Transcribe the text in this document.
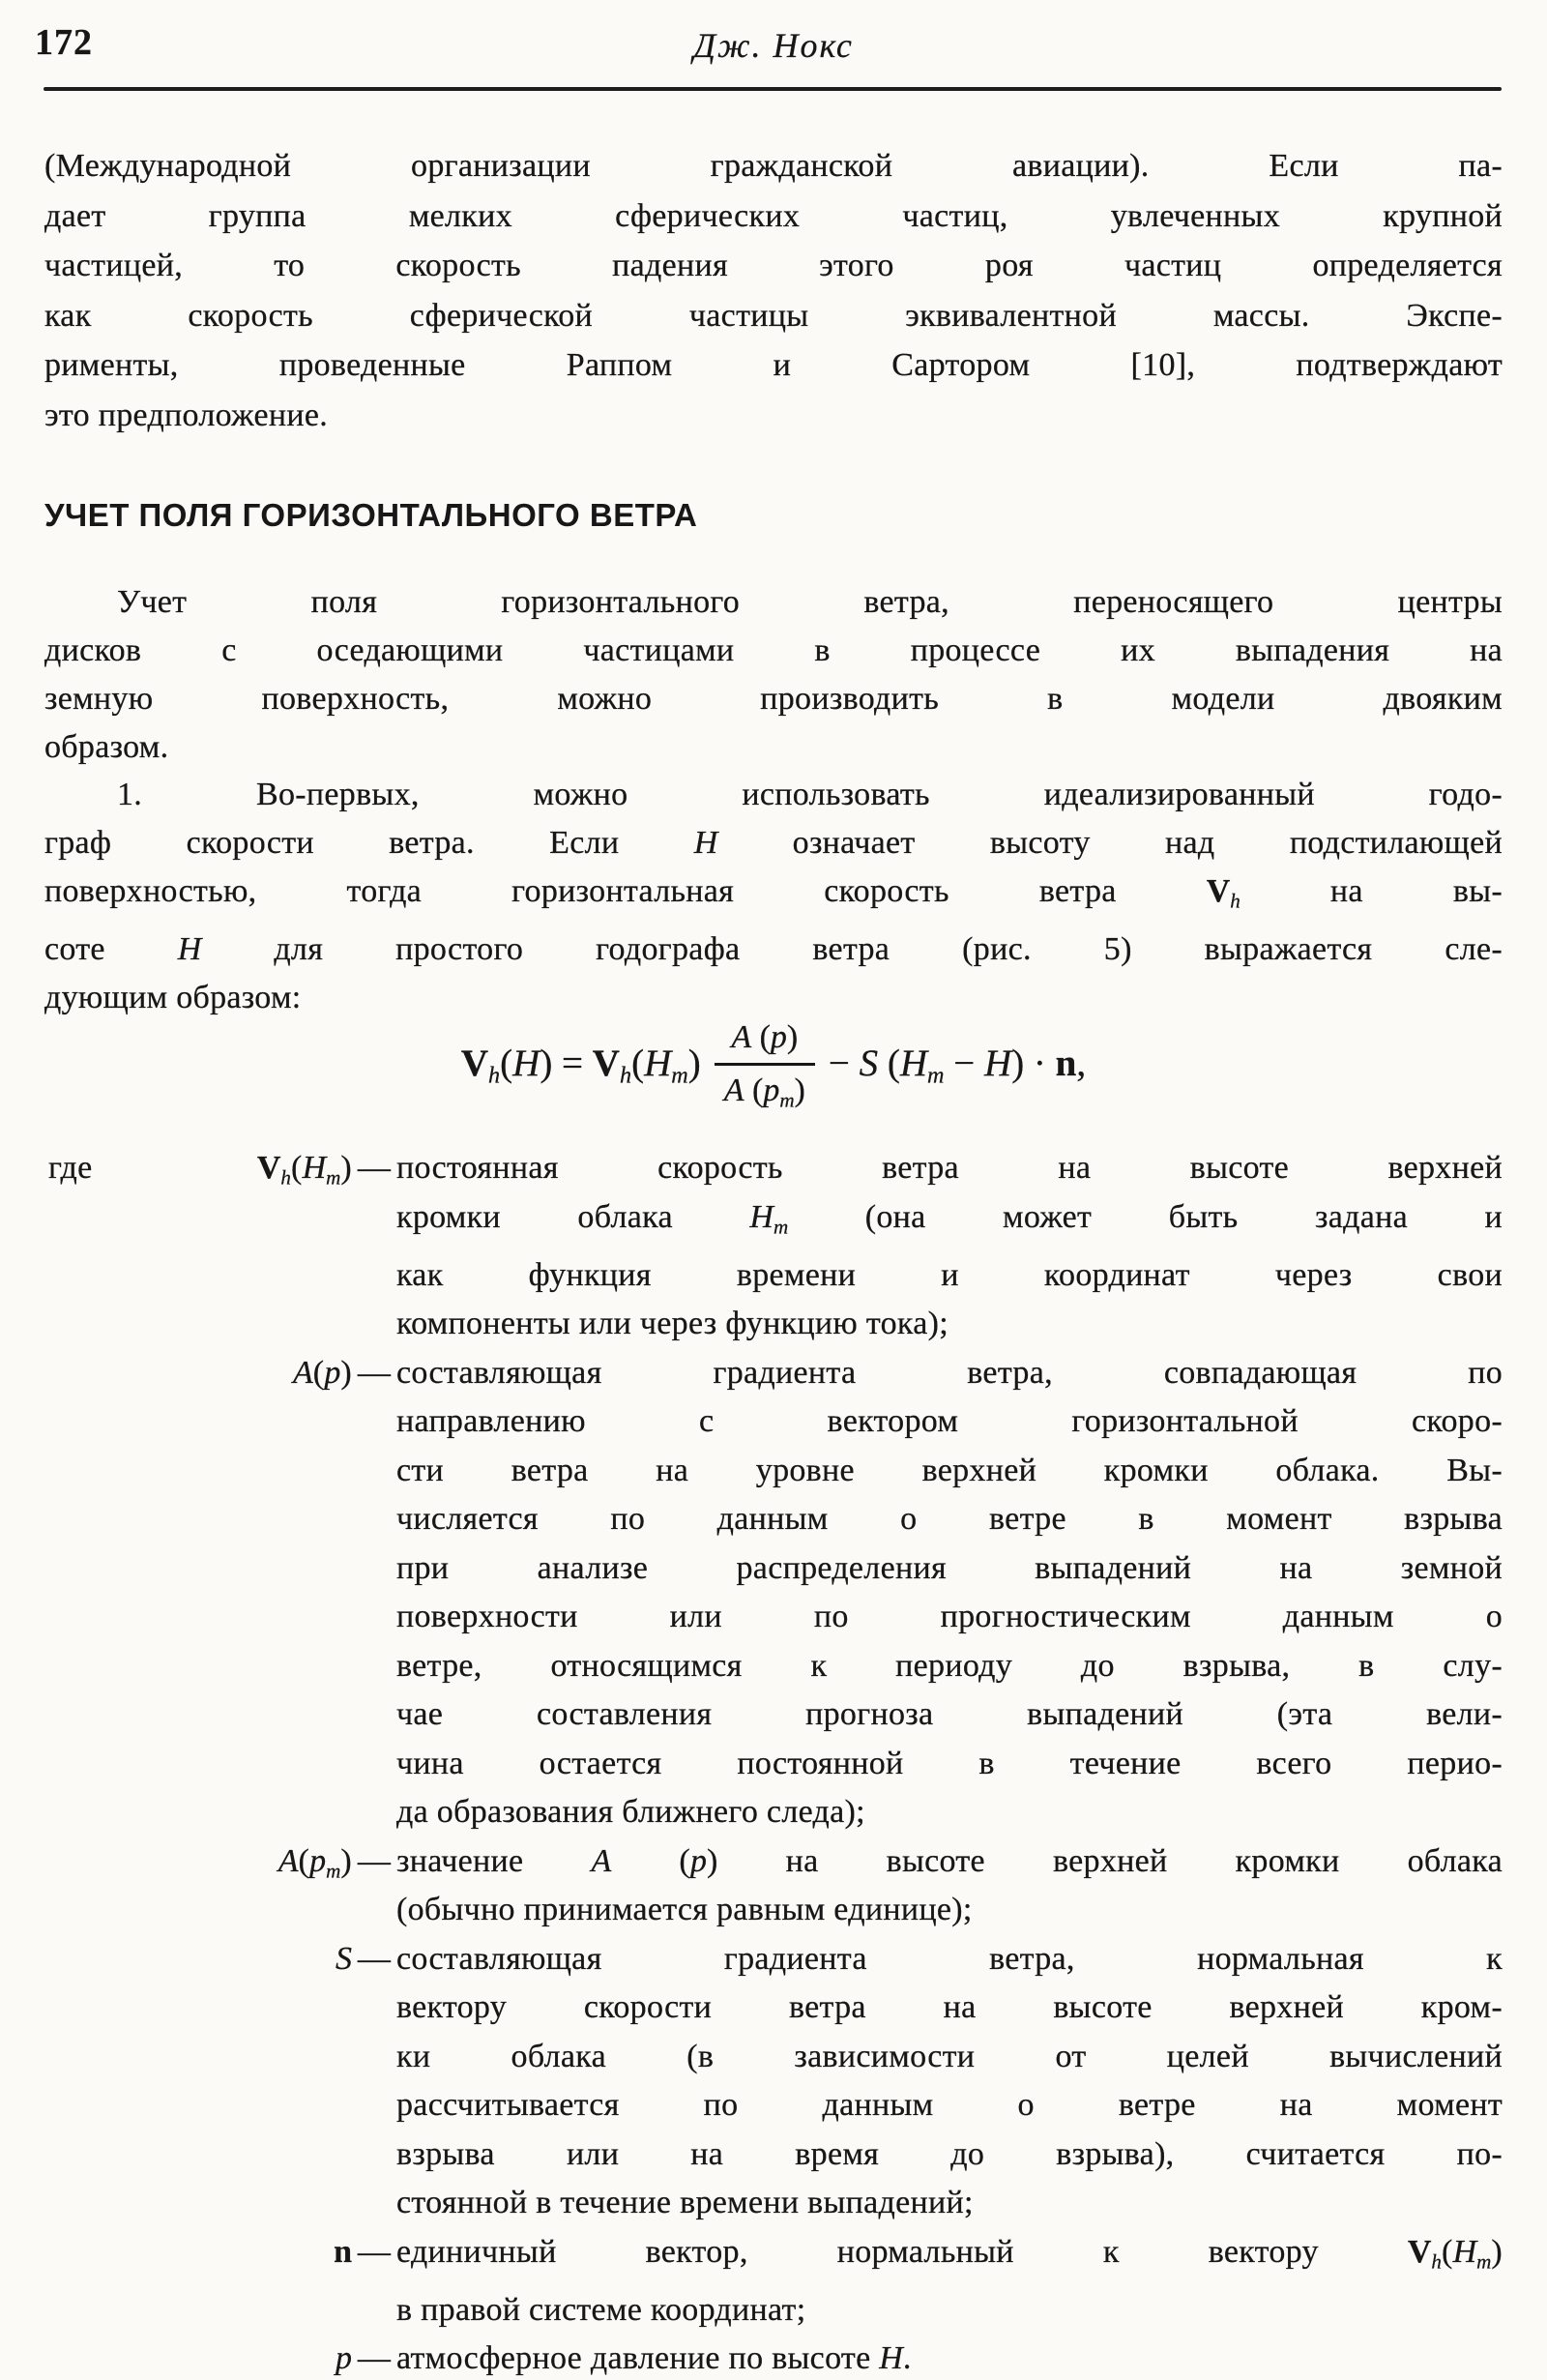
172	Дж. Нокс
(Международной организации гражданской авиации). Если па-
дает группа мелких сферических частиц, увлеченных крупной
частицей, то скорость падения этого роя частиц определяется
как скорость сферической частицы эквивалентной массы. Экспе-
рименты, проведенные Раппом и Сартором [10], подтверждают
это предположение.
УЧЕТ ПОЛЯ ГОРИЗОНТАЛЬНОГО ВЕТРА
Учет поля горизонтального ветра, переносящего центры
дисков с оседающими частицами в процессе их выпадения на
земную поверхность, можно производить в модели двояким
образом.
1. Во-первых, можно использовать идеализированный годо-
граф скорости ветра. Если H означает высоту над подстилающей
поверхностью, тогда горизонтальная скорость ветра Vh на вы-
соте H для простого годографа ветра (рис. 5) выражается сле-
дующим образом:
$Vh(H) = Vh(Hm) \frac{A (p)}{A (pm)} - S$ (Hm − H) · n,
где	Vh(Hm) — постоянная скорость ветра на высоте верхней
кромки облака Hm (она может быть задана и
как функция времени и координат через свои
компоненты или через функцию тока);
A(p) — составляющая градиента ветра, совпадающая по
направлению с вектором горизонтальной скоро-
сти ветра на уровне верхней кромки облака. Вы-
числяется по данным о ветре в момент взрыва
при анализе распределения выпадений на земной
поверхности или по прогностическим данным о
ветре, относящимся к периоду до взрыва, в слу-
чае составления прогноза выпадений (эта вели-
чина остается постоянной в течение всего перио-
да образования ближнего следа);
A(pm) — значение A (p) на высоте верхней кромки облака
(обычно принимается равным единице);
S — составляющая градиента ветра, нормальная к
вектору скорости ветра на высоте верхней кром-
ки облака (в зависимости от целей вычислений
рассчитывается по данным о ветре на момент
взрыва или на время до взрыва), считается по-
стоянной в течение времени выпадений;
n — единичный вектор, нормальный к вектору Vh(Hm)
в правой системе координат;
p — атмосферное давление по высоте H.
